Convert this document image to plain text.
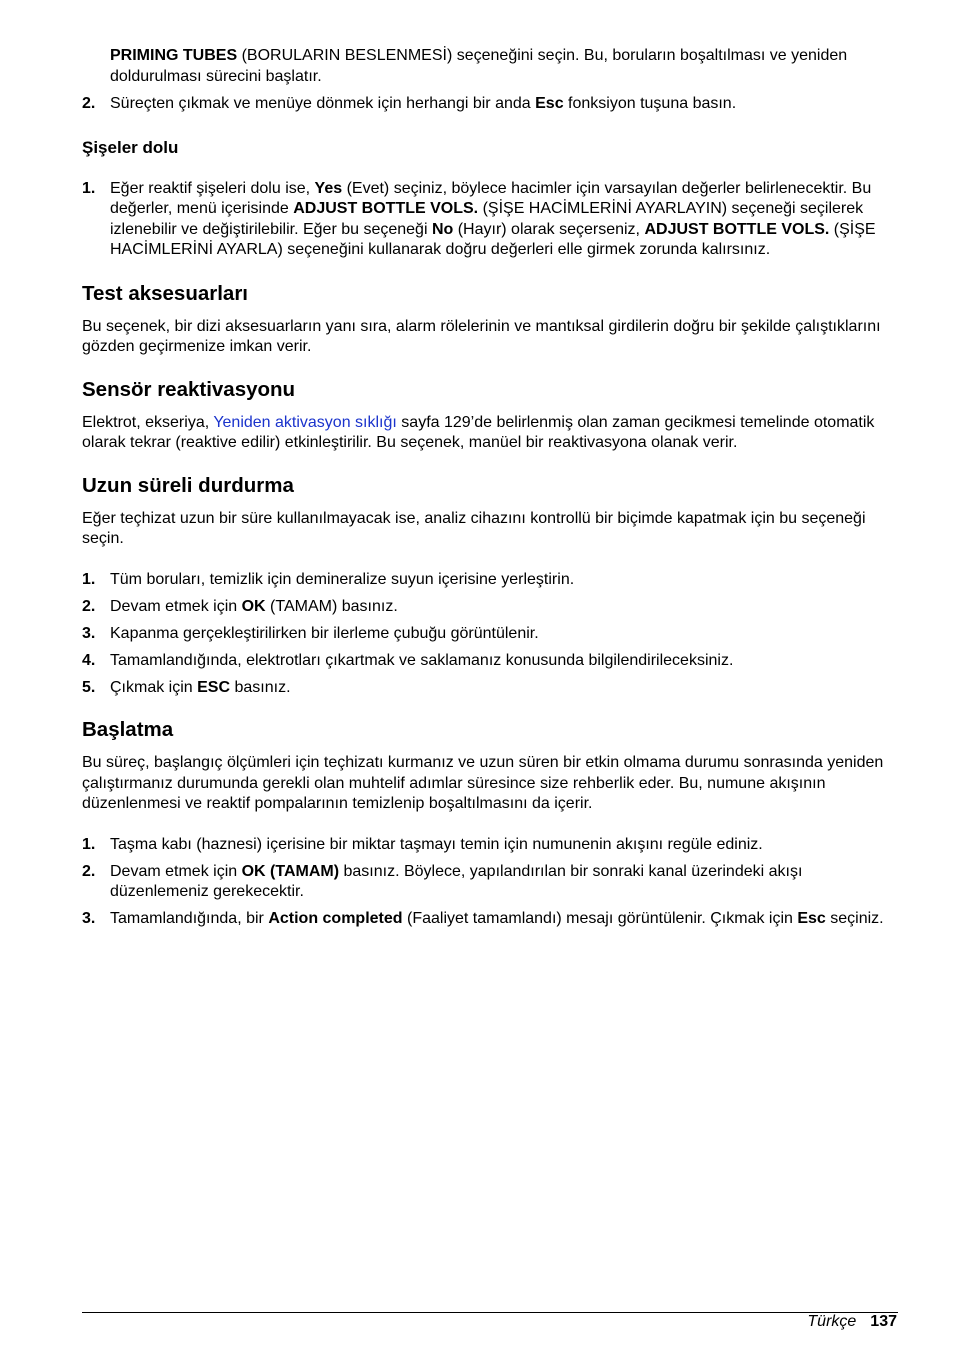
PRIMING TUBES (BORULARIN BESLENMESİ) seçeneğini seçin. Bu, boruların boşaltılması ve yeniden doldurulması sürecini başlatır.

2. Süreçten çıkmak ve menüye dönmek için herhangi bir anda Esc fonksiyon tuşuna basın.
Şişeler dolu
1. Eğer reaktif şişeleri dolu ise, Yes (Evet) seçiniz, böylece hacimler için varsayılan değerler belirlenecektir. Bu değerler, menü içerisinde ADJUST BOTTLE VOLS. (ŞİŞE HACİMLERİNİ AYARLAYIN) seçeneği seçilerek izlenebilir ve değiştirilebilir. Eğer bu seçeneği No (Hayır) olarak seçerseniz, ADJUST BOTTLE VOLS. (ŞİŞE HACİMLERİNİ AYARLA) seçeneğini kullanarak doğru değerleri elle girmek zorunda kalırsınız.
Test aksesuarları

Bu seçenek, bir dizi aksesuarların yanı sıra, alarm rölelerinin ve mantıksal girdilerin doğru bir şekilde çalıştıklarını gözden geçirmenize imkan verir.

Sensör reaktivasyonu

Elektrot, ekseriya, Yeniden aktivasyon sıklığı sayfa 129’de belirlenmiş olan zaman gecikmesi temelinde otomatik olarak tekrar (reaktive edilir) etkinleştirilir. Bu seçenek, manüel bir reaktivasyona olanak verir.

Uzun süreli durdurma

Eğer teçhizat uzun bir süre kullanılmayacak ise, analiz cihazını kontrollü bir biçimde kapatmak için bu seçeneği seçin.

1. Tüm boruları, temizlik için demineralize suyun içerisine yerleştirin.
2. Devam etmek için OK (TAMAM) basınız.
3. Kapanma gerçekleştirilirken bir ilerleme çubuğu görüntülenir.
4. Tamamlandığında, elektrotları çıkartmak ve saklamanız konusunda bilgilendirileceksiniz.
5. Çıkmak için ESC basınız.
Başlatma

Bu süreç, başlangıç ölçümleri için teçhizatı kurmanız ve uzun süren bir etkin olmama durumu sonrasında yeniden çalıştırmanız durumunda gerekli olan muhtelif adımlar süresince size rehberlik eder. Bu, numune akışının düzenlenmesi ve reaktif pompalarının temizlenip boşaltılmasını da içerir.

1. Taşma kabı (haznesi) içerisine bir miktar taşmayı temin için numunenin akışını regüle ediniz.
2. Devam etmek için OK (TAMAM) basınız. Böylece, yapılandırılan bir sonraki kanal üzerindeki akışı düzenlemeniz gerekecektir.
3. Tamamlandığında, bir Action completed (Faaliyet tamamlandı) mesajı görüntülenir. Çıkmak için Esc seçiniz.
Türkçe 137
